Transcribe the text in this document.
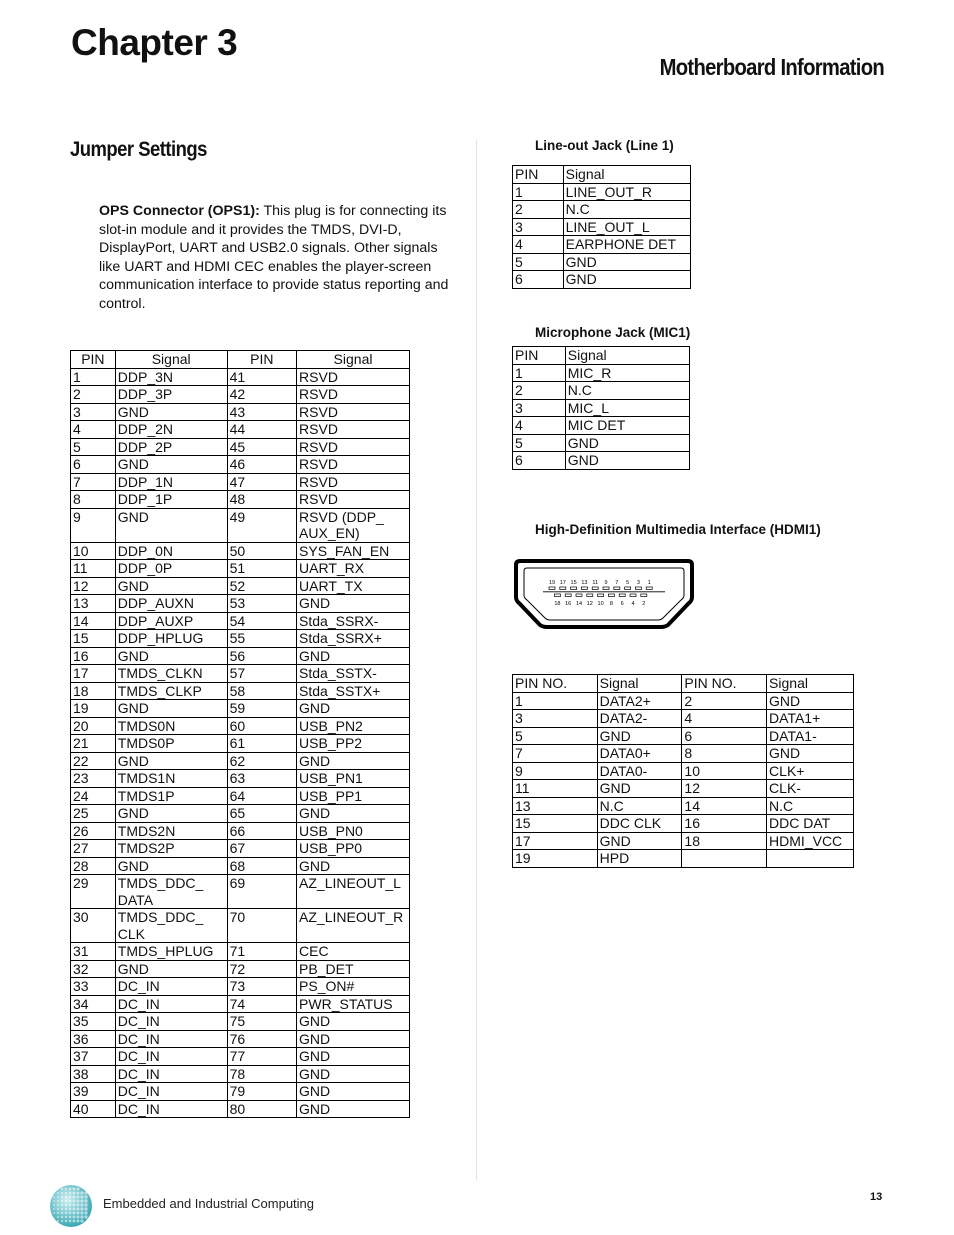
Chapter 3
Motherboard Information
Jumper Settings
OPS Connector (OPS1): This plug is for connecting its slot-in module and it provides the TMDS, DVI-D, DisplayPort, UART and USB2.0 signals. Other signals like UART and HDMI CEC enables the player-screen communication interface to provide status reporting and control.
PIN	Signal	PIN	Signal
1	DDP_3N	41	RSVD
2	DDP_3P	42	RSVD
3	GND	43	RSVD
4	DDP_2N	44	RSVD
5	DDP_2P	45	RSVD
6	GND	46	RSVD
7	DDP_1N	47	RSVD
8	DDP_1P	48	RSVD
9	GND	49	RSVD (DDP_
AUX_EN)
10	DDP_0N	50	SYS_FAN_EN
11	DDP_0P	51	UART_RX
12	GND	52	UART_TX
13	DDP_AUXN	53	GND
14	DDP_AUXP	54	Stda_SSRX-
15	DDP_HPLUG	55	Stda_SSRX+
16	GND	56	GND
17	TMDS_CLKN	57	Stda_SSTX-
18	TMDS_CLKP	58	Stda_SSTX+
19	GND	59	GND
20	TMDS0N	60	USB_PN2
21	TMDS0P	61	USB_PP2
22	GND	62	GND
23	TMDS1N	63	USB_PN1
24	TMDS1P	64	USB_PP1
25	GND	65	GND
26	TMDS2N	66	USB_PN0
27	TMDS2P	67	USB_PP0
28	GND	68	GND
29	TMDS_DDC_
DATA	69	AZ_LINEOUT_L
30	TMDS_DDC_
CLK	70	AZ_LINEOUT_R
31	TMDS_HPLUG	71	CEC
32	GND	72	PB_DET
33	DC_IN	73	PS_ON#
34	DC_IN	74	PWR_STATUS
35	DC_IN	75	GND
36	DC_IN	76	GND
37	DC_IN	77	GND
38	DC_IN	78	GND
39	DC_IN	79	GND
40	DC_IN	80	GND
Line-out Jack (Line 1)
PIN	Signal
1	LINE_OUT_R
2	N.C
3	LINE_OUT_L
4	EARPHONE DET
5	GND
6	GND
Microphone Jack (MIC1)
PIN	Signal
1	MIC_R
2	N.C
3	MIC_L
4	MIC DET
5	GND
6	GND
High-Definition Multimedia Interface (HDMI1)
19 17 15 13 11 9 7 5 3 1
18 16 14 12 10 8 6 4 2
PIN NO.	Signal	PIN NO.	Signal
1	DATA2+	2	GND
3	DATA2-	4	DATA1+
5	GND	6	DATA1-
7	DATA0+	8	GND
9	DATA0-	10	CLK+
11	GND	12	CLK-
13	N.C	14	N.C
15	DDC CLK	16	DDC DAT
17	GND	18	HDMI_VCC
19	HPD		
Embedded and Industrial Computing	13
